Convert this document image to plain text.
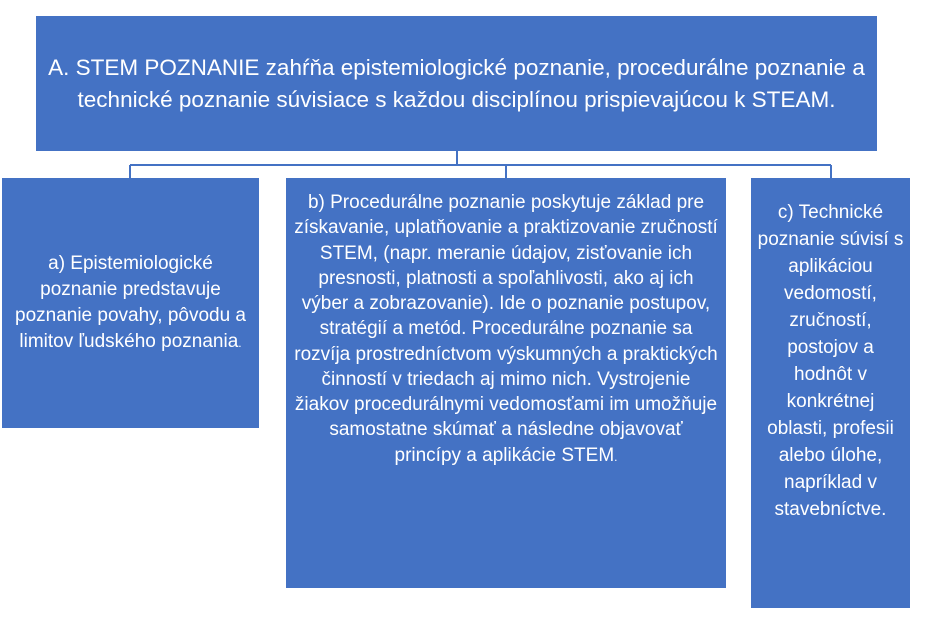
A. STEM POZNANIE zahŕňa epistemiologické poznanie, procedurálne poznanie a technické poznanie súvisiace s každou disciplínou prispievajúcou k STEAM.
a) Epistemiologické poznanie predstavuje poznanie povahy, pôvodu a limitov ľudského poznania.
b) Procedurálne poznanie poskytuje základ pre získavanie, uplatňovanie a praktizovanie zručností STEM, (napr. meranie údajov, zisťovanie ich presnosti, platnosti a spoľahlivosti, ako aj ich výber a zobrazovanie). Ide o poznanie postupov, stratégií a metód. Procedurálne poznanie sa rozvíja prostredníctvom výskumných a praktických činností v triedach aj mimo nich. Vystrojenie žiakov procedurálnymi vedomosťami im umožňuje samostatne skúmať a následne objavovať princípy a aplikácie STEM.
c) Technické poznanie súvisí s aplikáciou vedomostí, zručností, postojov a hodnôt v konkrétnej oblasti, profesii alebo úlohe, napríklad v stavebníctve.
